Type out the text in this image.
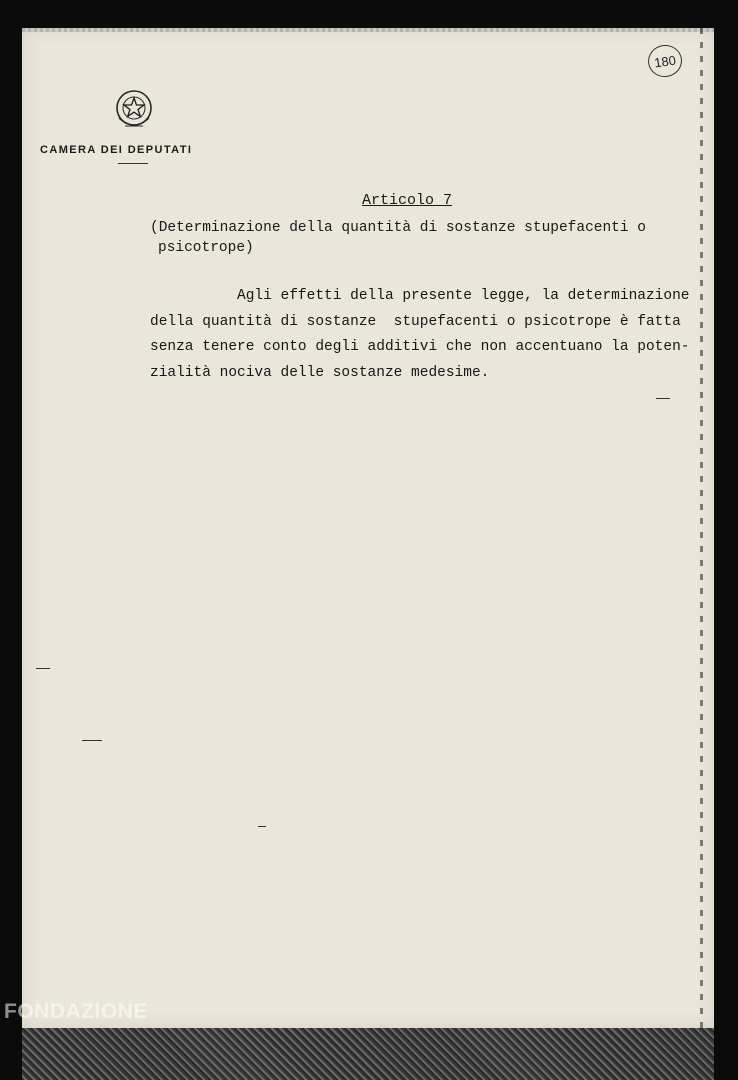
CAMERA DEI DEPUTATI
180
Articolo 7
(Determinazione della quantità di sostanze stupefacenti o
psicotrope)
Agli effetti della presente legge, la determinazione
della quantità di sostanze  stupefacenti o psicotrope è fatta
senza tenere conto degli additivi che non accentuano la poten-
zialità nociva delle sostanze medesime.
FONDAZIONE
